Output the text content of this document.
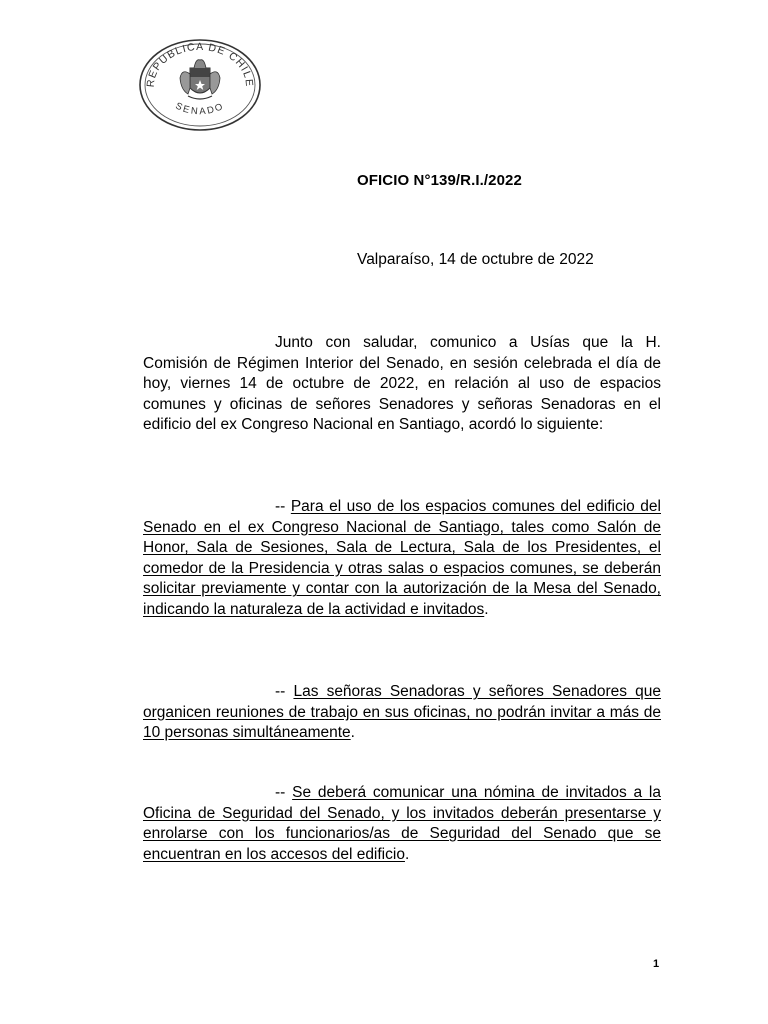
REPUBLICA DE CHILE
SENADO
OFICIO N°139/R.I./2022
Valparaíso, 14 de octubre de 2022

Junto con saludar, comunico a Usías que la H. Comisión de Régimen Interior del Senado, en sesión celebrada el día de hoy, viernes 14 de octubre de 2022, en relación al uso de espacios comunes y oficinas de señores Senadores y señoras Senadoras en el edificio del ex Congreso Nacional en Santiago, acordó lo siguiente:

-- Para el uso de los espacios comunes del edificio del Senado en el ex Congreso Nacional de Santiago, tales como Salón de Honor, Sala de Sesiones, Sala de Lectura, Sala de los Presidentes, el comedor de la Presidencia y otras salas o espacios comunes, se deberán solicitar previamente y contar con la autorización de la Mesa del Senado, indicando la naturaleza de la actividad e invitados.

-- Las señoras Senadoras y señores Senadores que organicen reuniones de trabajo en sus oficinas, no podrán invitar a más de 10 personas simultáneamente.

-- Se deberá comunicar una nómina de invitados a la Oficina de Seguridad del Senado, y los invitados deberán presentarse y enrolarse con los funcionarios/as de Seguridad del Senado que se encuentran en los accesos del edificio.

1
